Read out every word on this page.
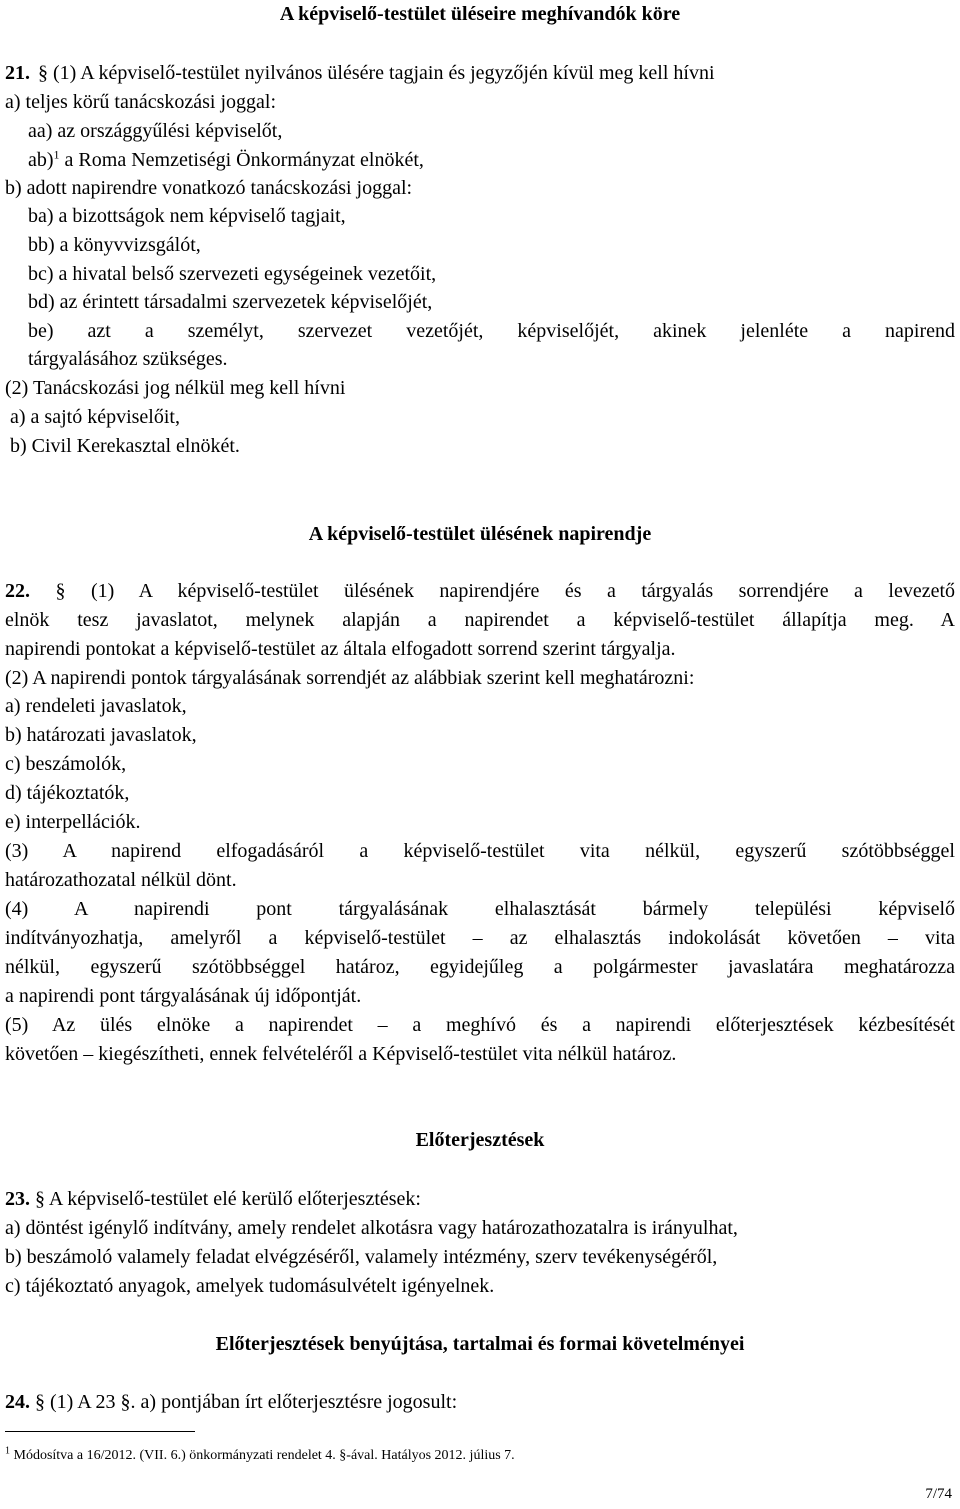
A képviselő-testület üléseire meghívandók köre
21. § (1) A képviselő-testület nyilvános ülésére tagjain és jegyzőjén kívül meg kell hívni
a) teljes körű tanácskozási joggal:
aa) az országgyűlési képviselőt,
ab)$^1$ a Roma Nemzetiségi Önkormányzat elnökét,
b) adott napirendre vonatkozó tanácskozási joggal:
ba) a bizottságok nem képviselő tagjait,
bb) a könyvvizsgálót,
bc) a hivatal belső szervezeti egységeinek vezetőit,
bd) az érintett társadalmi szervezetek képviselőjét,
be) azt a személyt, szervezet vezetőjét, képviselőjét, akinek jelenléte a napirend
tárgyalásához szükséges.
(2) Tanácskozási jog nélkül meg kell hívni
a) a sajtó képviselőit,
b) Civil Kerekasztal elnökét.
A képviselő-testület ülésének napirendje
22. § (1) A képviselő-testület ülésének napirendjére és a tárgyalás sorrendjére a levezető
elnök tesz javaslatot, melynek alapján a napirendet a képviselő-testület állapítja meg. A
napirendi pontokat a képviselő-testület az általa elfogadott sorrend szerint tárgyalja.
(2) A napirendi pontok tárgyalásának sorrendjét az alábbiak szerint kell meghatározni:
a) rendeleti javaslatok,
b) határozati javaslatok,
c) beszámolók,
d) tájékoztatók,
e) interpellációk.
(3) A napirend elfogadásáról a képviselő-testület vita nélkül, egyszerű szótöbbséggel
határozathozatal nélkül dönt.
(4) A napirendi pont tárgyalásának elhalasztását bármely települési képviselő
indítványozhatja, amelyről a képviselő-testület – az elhalasztás indokolását követően – vita
nélkül, egyszerű szótöbbséggel határoz, egyidejűleg a polgármester javaslatára meghatározza
a napirendi pont tárgyalásának új időpontját.
(5) Az ülés elnöke a napirendet – a meghívó és a napirendi előterjesztések kézbesítését
követően – kiegészítheti, ennek felvételéről a Képviselő-testület vita nélkül határoz.
Előterjesztések
23. § A képviselő-testület elé kerülő előterjesztések:
a) döntést igénylő indítvány, amely rendelet alkotásra vagy határozathozatalra is irányulhat,
b) beszámoló valamely feladat elvégzéséről, valamely intézmény, szerv tevékenységéről,
c) tájékoztató anyagok, amelyek tudomásulvételt igényelnek.
Előterjesztések benyújtása, tartalmai és formai követelményei
24. § (1) A 23 §. a) pontjában írt előterjesztésre jogosult:
$^1$ Módosítva a 16/2012. (VII. 6.) önkormányzati rendelet 4. §-ával. Hatályos 2012. július 7.
7/74
